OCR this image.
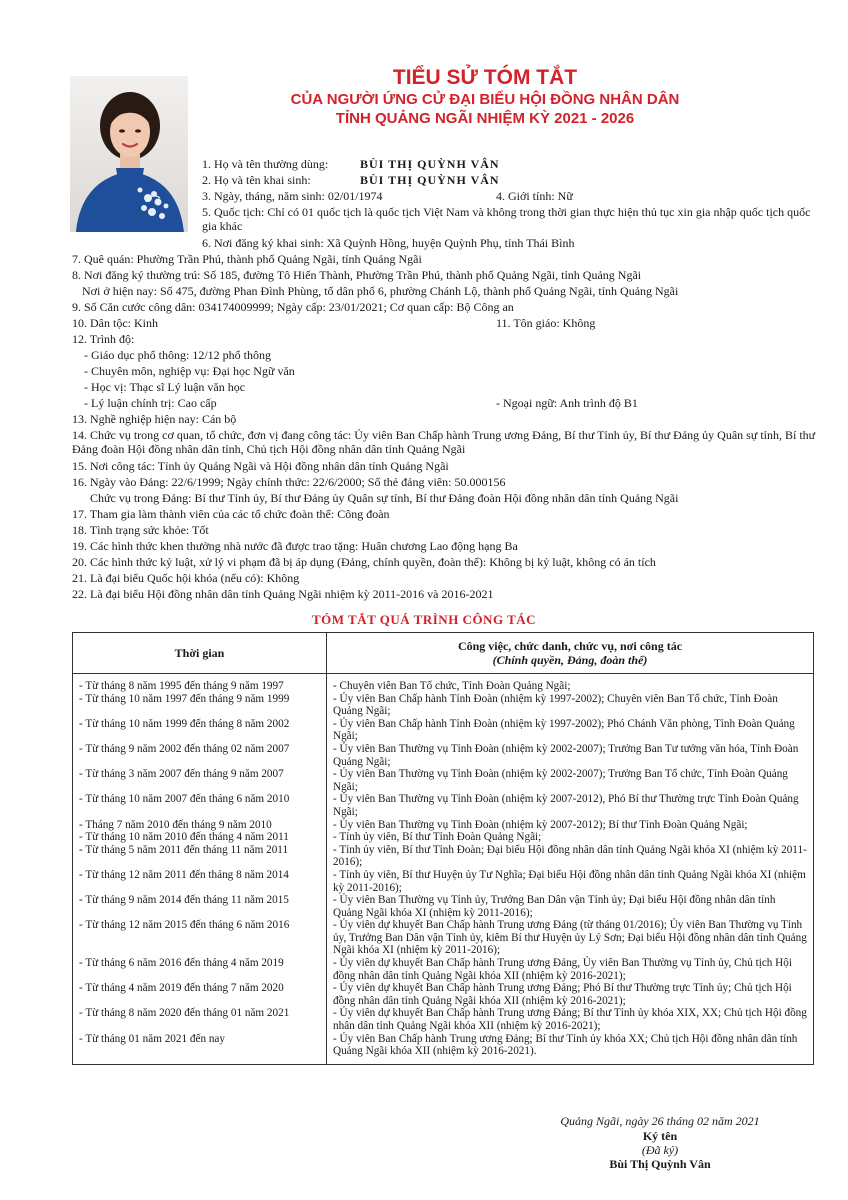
TIỂU SỬ TÓM TẮT
CỦA NGƯỜI ỨNG CỬ ĐẠI BIỂU HỘI ĐỒNG NHÂN DÂN
TỈNH QUẢNG NGÃI NHIỆM KỲ 2021 - 2026
1. Họ và tên thường dùng:	BÙI THỊ QUỲNH VÂN
2. Họ và tên khai sinh:	BÙI THỊ QUỲNH VÂN
3. Ngày, tháng, năm sinh: 02/01/1974	4. Giới tính: Nữ
5. Quốc tịch: Chỉ có 01 quốc tịch là quốc tịch Việt Nam và không trong thời gian thực hiện thủ tục xin gia nhập quốc tịch quốc gia khác
6. Nơi đăng ký khai sinh: Xã Quỳnh Hồng, huyện Quỳnh Phụ, tỉnh Thái Bình
7. Quê quán: Phường Trần Phú, thành phố Quảng Ngãi, tỉnh Quảng Ngãi
8. Nơi đăng ký thường trú: Số 185, đường Tô Hiến Thành, Phường Trần Phú, thành phố Quảng Ngãi, tỉnh Quảng Ngãi
Nơi ở hiện nay: Số 475, đường Phan Đình Phùng, tổ dân phố 6, phường Chánh Lộ, thành phố Quảng Ngãi, tỉnh Quảng Ngãi
9. Số Căn cước công dân: 034174009999; Ngày cấp: 23/01/2021; Cơ quan cấp: Bộ Công an
10. Dân tộc: Kinh	11. Tôn giáo: Không
12. Trình độ:
- Giáo dục phổ thông: 12/12 phổ thông
- Chuyên môn, nghiệp vụ: Đại học Ngữ văn
- Học vị: Thạc sĩ Lý luận văn học
- Lý luận chính trị: Cao cấp	- Ngoại ngữ: Anh trình độ B1
13. Nghề nghiệp hiện nay: Cán bộ
14. Chức vụ trong cơ quan, tổ chức, đơn vị đang công tác: Ủy viên Ban Chấp hành Trung ương Đảng, Bí thư Tỉnh ủy, Bí thư Đảng ủy Quân sự tỉnh, Bí thư Đảng đoàn Hội đồng nhân dân tỉnh, Chủ tịch Hội đồng nhân dân tỉnh Quảng Ngãi
15. Nơi công tác: Tỉnh ủy Quảng Ngãi và Hội đồng nhân dân tỉnh Quảng Ngãi
16. Ngày vào Đảng: 22/6/1999; Ngày chính thức: 22/6/2000; Số thẻ đảng viên: 50.000156
Chức vụ trong Đảng: Bí thư Tỉnh ủy, Bí thư Đảng ủy Quân sự tỉnh, Bí thư Đảng đoàn Hội đồng nhân dân tỉnh Quảng Ngãi
17. Tham gia làm thành viên của các tổ chức đoàn thể: Công đoàn
18. Tình trạng sức khỏe: Tốt
19. Các hình thức khen thưởng nhà nước đã được trao tặng: Huân chương Lao động hạng Ba
20. Các hình thức kỷ luật, xử lý vi phạm đã bị áp dụng (Đảng, chính quyền, đoàn thể): Không bị kỷ luật, không có án tích
21. Là đại biểu Quốc hội khóa (nếu có): Không
22. Là đại biểu Hội đồng nhân dân tỉnh Quảng Ngãi nhiệm kỳ 2011-2016 và 2016-2021
TÓM TẮT QUÁ TRÌNH CÔNG TÁC
Thời gian	Công việc, chức danh, chức vụ, nơi công tác
(Chính quyền, Đảng, đoàn thể)

- Từ tháng 8 năm 1995 đến tháng 9 năm 1997	- Chuyên viên Ban Tổ chức, Tỉnh Đoàn Quảng Ngãi;
- Từ tháng 10 năm 1997 đến tháng 9 năm 1999	- Ủy viên Ban Chấp hành Tỉnh Đoàn (nhiệm kỳ 1997-2002); Chuyên viên Ban Tổ chức, Tỉnh Đoàn Quảng Ngãi;
- Từ tháng 10 năm 1999 đến tháng 8 năm 2002	- Ủy viên Ban Chấp hành Tỉnh Đoàn (nhiệm kỳ 1997-2002); Phó Chánh Văn phòng, Tỉnh Đoàn Quảng Ngãi;
- Từ tháng 9 năm 2002 đến tháng 02 năm 2007	- Ủy viên Ban Thường vụ Tỉnh Đoàn (nhiệm kỳ 2002-2007); Trưởng Ban Tư tưởng văn hóa, Tỉnh Đoàn Quảng Ngãi;
- Từ tháng 3 năm 2007 đến tháng 9 năm 2007	- Ủy viên Ban Thường vụ Tỉnh Đoàn (nhiệm kỳ 2002-2007); Trưởng Ban Tổ chức, Tỉnh Đoàn Quảng Ngãi;
- Từ tháng 10 năm 2007 đến tháng 6 năm 2010	- Ủy viên Ban Thường vụ Tỉnh Đoàn (nhiệm kỳ 2007-2012), Phó Bí thư Thường trực Tỉnh Đoàn Quảng Ngãi;
- Tháng 7 năm 2010 đến tháng 9 năm 2010	- Ủy viên Ban Thường vụ Tỉnh Đoàn (nhiệm kỳ 2007-2012); Bí thư Tỉnh Đoàn Quảng Ngãi;
- Từ tháng 10 năm 2010 đến tháng 4 năm 2011	- Tỉnh ủy viên, Bí thư Tỉnh Đoàn Quảng Ngãi;
- Từ tháng 5 năm 2011 đến tháng 11 năm 2011	- Tỉnh ủy viên, Bí thư Tỉnh Đoàn; Đại biểu Hội đồng nhân dân tỉnh Quảng Ngãi khóa XI (nhiệm kỳ 2011-2016);
- Từ tháng 12 năm 2011 đến tháng 8 năm 2014	- Tỉnh ủy viên, Bí thư Huyện ủy Tư Nghĩa; Đại biểu Hội đồng nhân dân tỉnh Quảng Ngãi khóa XI (nhiệm kỳ 2011-2016);
- Từ tháng 9 năm 2014 đến tháng 11 năm 2015	- Ủy viên Ban Thường vụ Tỉnh ủy, Trưởng Ban Dân vận Tỉnh ủy; Đại biểu Hội đồng nhân dân tỉnh Quảng Ngãi khóa XI (nhiệm kỳ 2011-2016);
- Từ tháng 12 năm 2015 đến tháng 6 năm 2016	- Ủy viên dự khuyết Ban Chấp hành Trung ương Đảng (từ tháng 01/2016); Ủy viên Ban Thường vụ Tỉnh ủy, Trưởng Ban Dân vận Tỉnh ủy, kiêm Bí thư Huyện ủy Lý Sơn; Đại biểu Hội đồng nhân dân tỉnh Quảng Ngãi khóa XI (nhiệm kỳ 2011-2016);
- Từ tháng 6 năm 2016 đến tháng 4 năm 2019	- Ủy viên dự khuyết Ban Chấp hành Trung ương Đảng, Ủy viên Ban Thường vụ Tỉnh ủy, Chủ tịch Hội đồng nhân dân tỉnh Quảng Ngãi khóa XII (nhiệm kỳ 2016-2021);
- Từ tháng 4 năm 2019 đến tháng 7 năm 2020	- Ủy viên dự khuyết Ban Chấp hành Trung ương Đảng; Phó Bí thư Thường trực Tỉnh ủy; Chủ tịch Hội đồng nhân dân tỉnh Quảng Ngãi khóa XII (nhiệm kỳ 2016-2021);
- Từ tháng 8 năm 2020 đến tháng 01 năm 2021	- Ủy viên dự khuyết Ban Chấp hành Trung ương Đảng; Bí thư Tỉnh ủy khóa XIX, XX; Chủ tịch Hội đồng nhân dân tỉnh Quảng Ngãi khóa XII (nhiệm kỳ 2016-2021);
- Từ tháng 01 năm 2021 đến nay	- Ủy viên Ban Chấp hành Trung ương Đảng; Bí thư Tỉnh ủy khóa XX; Chủ tịch Hội đồng nhân dân tỉnh Quảng Ngãi khóa XII (nhiệm kỳ 2016-2021).
Quảng Ngãi, ngày 26 tháng 02 năm 2021
Ký tên
(Đã ký)
Bùi Thị Quỳnh Vân
